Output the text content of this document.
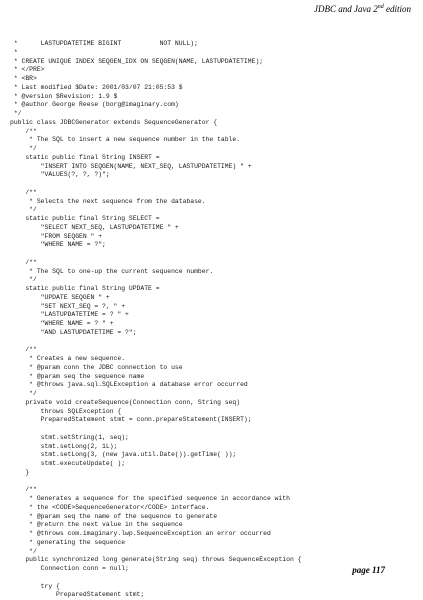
JDBC and Java 2nd edition
*      LASTUPDATETIME BIGINT          NOT NULL);
*
* CREATE UNIQUE INDEX SEQGEN_IDX ON SEQGEN(NAME, LASTUPDATETIME);
* </PRE>
* <BR>
* Last modified $Date: 2001/03/07 21:05:53 $
* @version $Revision: 1.9 $
* @author George Reese (borg@imaginary.com)
*/
public class JDBCGenerator extends SequenceGenerator {
/**
* The SQL to insert a new sequence number in the table.
*/
static public final String INSERT =
"INSERT INTO SEQGEN(NAME, NEXT_SEQ, LASTUPDATETIME) " +
"VALUES(?, ?, ?)";
/**
* Selects the next sequence from the database.
*/
static public final String SELECT =
"SELECT NEXT_SEQ, LASTUPDATETIME " +
"FROM SEQGEN " +
"WHERE NAME = ?";
/**
* The SQL to one-up the current sequence number.
*/
static public final String UPDATE =
"UPDATE SEQGEN " +
"SET NEXT_SEQ = ?, " +
"LASTUPDATETIME = ? " +
"WHERE NAME = ? " +
"AND LASTUPDATETIME = ?";
/**
* Creates a new sequence.
* @param conn the JDBC connection to use
* @param seq the sequence name
* @throws java.sql.SQLException a database error occurred
*/
private void createSequence(Connection conn, String seq)
throws SQLException {
PreparedStatement stmt = conn.prepareStatement(INSERT);
stmt.setString(1, seq);
stmt.setLong(2, 1L);
stmt.setLong(3, (new java.util.Date()).getTime( ));
stmt.executeUpdate( );
}
/**
* Generates a sequence for the specified sequence in accordance with
* the <CODE>SequenceGenerator</CODE> interface.
* @param seq the name of the sequence to generate
* @return the next value in the sequence
* @throws com.imaginary.lwp.SequenceException an error occurred
* generating the sequence
*/
public synchronized long generate(String seq) throws SequenceException {
Connection conn = null;
try {
PreparedStatement stmt;
page 117
